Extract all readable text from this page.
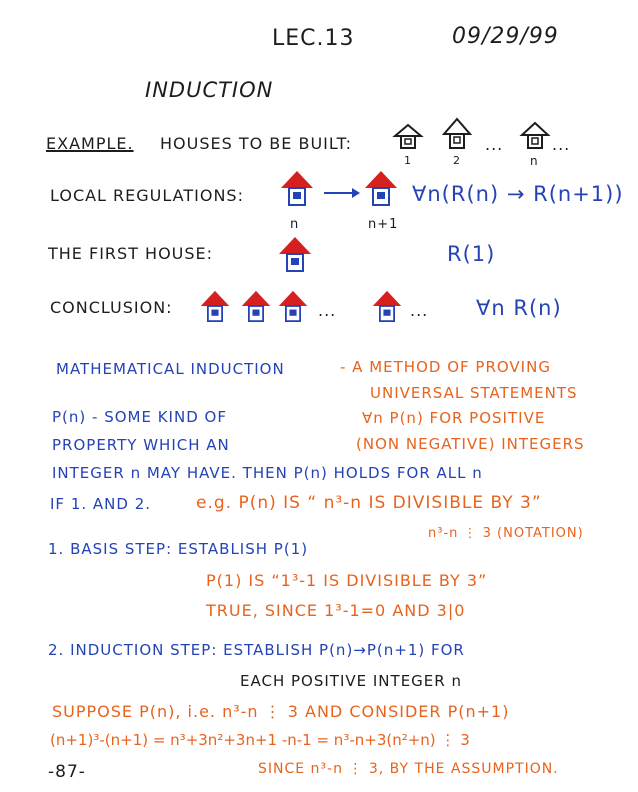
LEC.13	09/29/99
INDUCTION
EXAMPLE. HOUSES TO BE BUILT:
1	2	n
...	...
LOCAL REGULATIONS:
n	n+1
∀n(R(n) → R(n+1))
THE FIRST HOUSE:	R(1)
CONCLUSION:	...	... ∀n R(n)
MATHEMATICAL INDUCTION	- A METHOD OF PROVING
UNIVERSAL STATEMENTS
∀n P(n) FOR POSITIVE
(NON NEGATIVE) INTEGERS
P(n) - SOME KIND OF
PROPERTY WHICH AN
INTEGER n MAY HAVE. THEN P(n) HOLDS FOR ALL n
IF 1. AND 2.	e.g. P(n) IS “ n³-n IS DIVISIBLE BY 3”
n³-n ⋮ 3 (NOTATION)
1. BASIS STEP: ESTABLISH P(1)
P(1) IS “1³-1 IS DIVISIBLE BY 3”
TRUE, SINCE 1³-1=0 AND 3|0
2. INDUCTION STEP: ESTABLISH P(n)→P(n+1) FOR
EACH POSITIVE INTEGER n
SUPPOSE P(n), i.e. n³-n ⋮ 3 AND CONSIDER P(n+1)
(n+1)³-(n+1) = n³+3n²+3n+1 -n-1 = n³-n+3(n²+n) ⋮ 3
SINCE n³-n ⋮ 3, BY THE ASSUMPTION.
-87-
